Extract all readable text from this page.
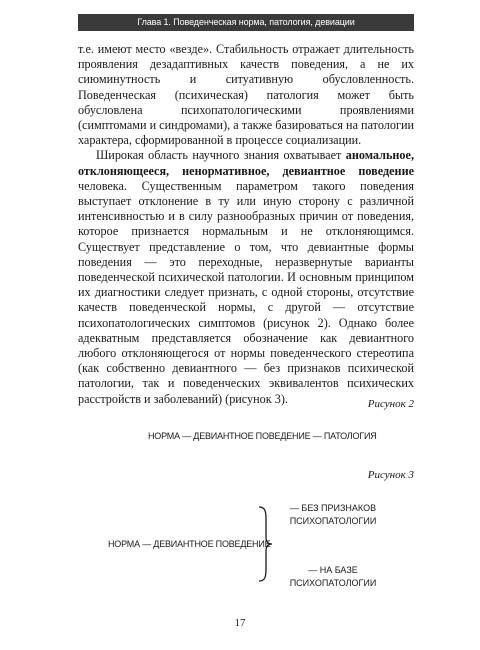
Глава 1. Поведенческая норма, патология, девиации

т.е. имеют место «везде». Стабильность отражает длительность проявления дезадаптивных качеств поведения, а не их сиюминутность и ситуативную обусловленность. Поведенческая (психическая) патология может быть обусловлена психопатологическими проявлениями (симптомами и синдромами), а также базироваться на патологии характера, сформированной в процессе социализации.

Широкая область научного знания охватывает аномальное, отклоняющееся, ненормативное, девиантное поведение человека. Существенным параметром такого поведения выступает отклонение в ту или иную сторону с различной интенсивностью и в силу разнообразных причин от поведения, которое признается нормальным и не отклоняющимся. Существует представление о том, что девиантные формы поведения — это переходные, неразвернутые варианты поведенческой психической патологии. И основным принципом их диагностики следует признать, с одной стороны, отсутствие качеств поведенческой нормы, с другой — отсутствие психопатологических симптомов (рисунок 2). Однако более адекватным представляется обозначение как девиантного любого отклоняющегося от нормы поведенческого стереотипа (как собственно девиантного — без признаков психической патологии, так и поведенческих эквивалентов психических расстройств и заболеваний) (рисунок 3).	Рисунок 2
НОРМА — ДЕВИАНТНОЕ ПОВЕДЕНИЕ — ПАТОЛОГИЯ
Рисунок 3
НОРМА — ДЕВИАНТНОЕ ПОВЕДЕНИЕ
— БЕЗ ПРИЗНАКОВ
ПСИХОПАТОЛОГИИ
— НА БАЗЕ
ПСИХОПАТОЛОГИИ
17
